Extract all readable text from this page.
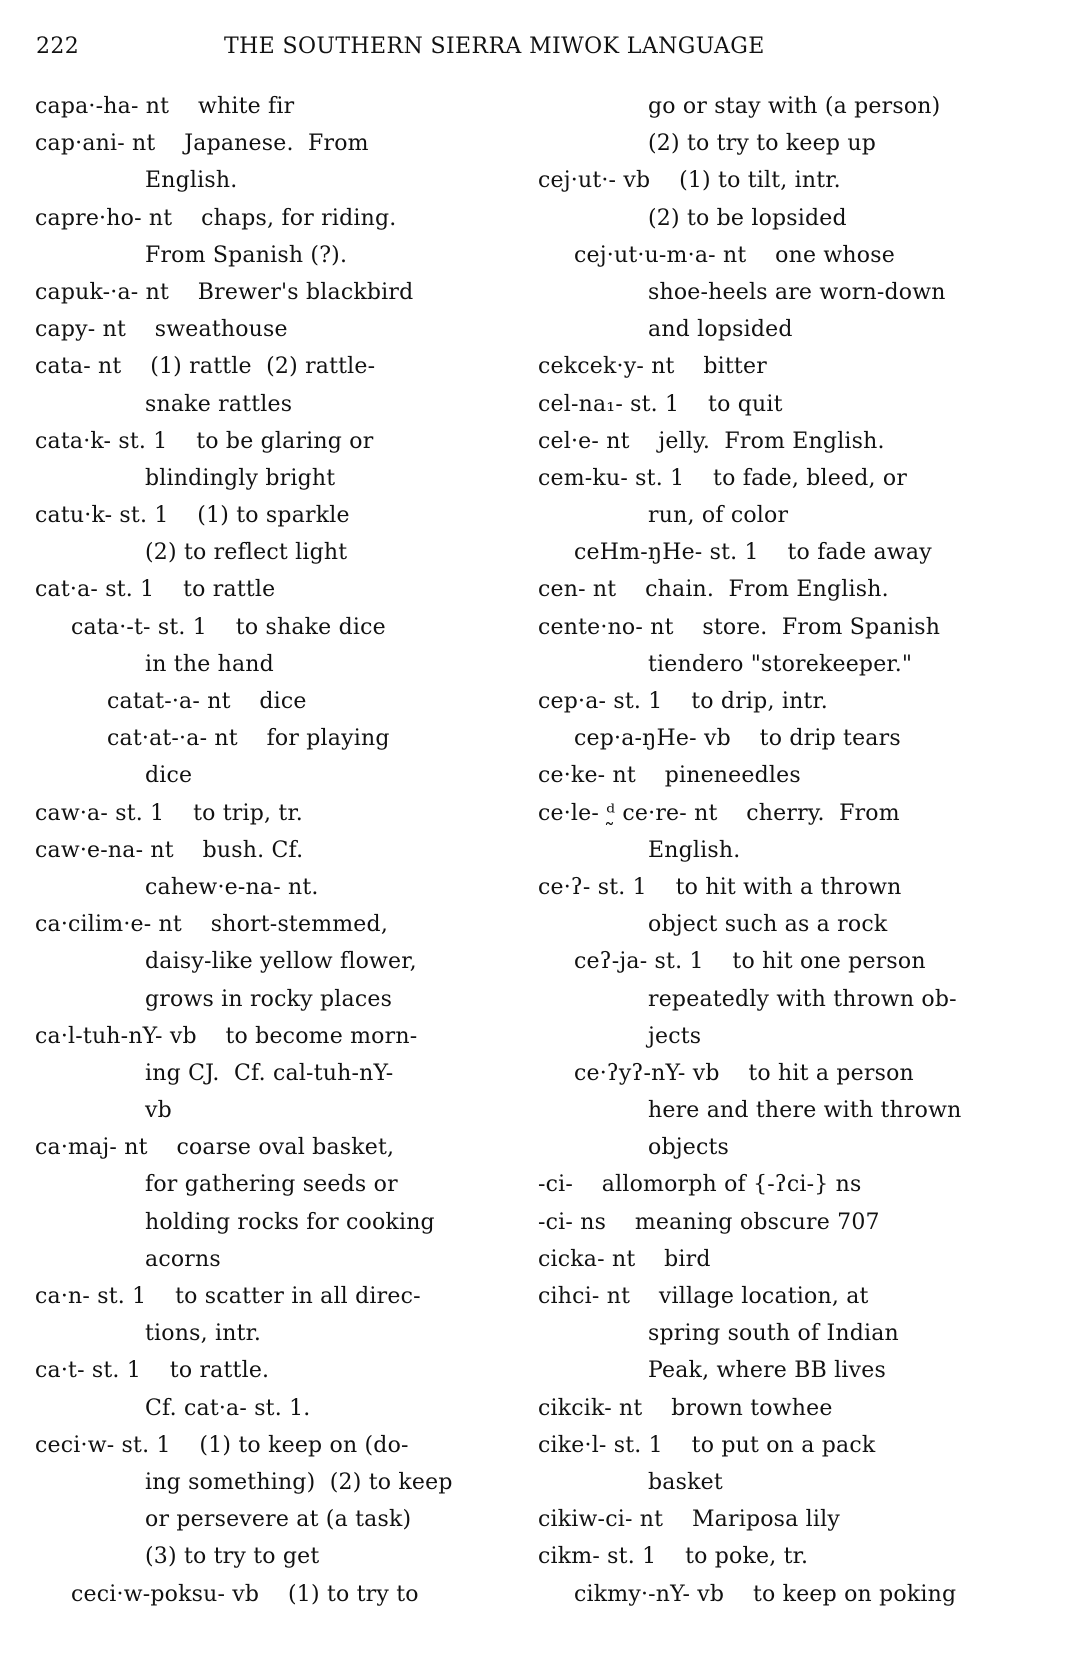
222	THE SOUTHERN SIERRA MIWOK LANGUAGE
capa·-ha- nt    white fir
cap·ani- nt    Japanese.  From
English.
capre·ho- nt    chaps, for riding.
From Spanish (?).
capuk-·a- nt    Brewer's blackbird
capy- nt    sweathouse
cata- nt    (1) rattle  (2) rattle-
snake rattles
cata·k- st. 1    to be glaring or
blindingly bright
catu·k- st. 1    (1) to sparkle
(2) to reflect light
cat·a- st. 1    to rattle
cata·-t- st. 1    to shake dice
in the hand
catat-·a- nt    dice
cat·at-·a- nt    for playing
dice
caw·a- st. 1    to trip, tr.
caw·e-na- nt    bush. Cf.
cahew·e-na- nt.
ca·cilim·e- nt    short-stemmed,
daisy-like yellow flower,
grows in rocky places
ca·l-tuh-nY- vb    to become morn-
ing CJ.  Cf. cal-tuh-nY-
vb
ca·maj- nt    coarse oval basket,
for gathering seeds or
holding rocks for cooking
acorns
ca·n- st. 1    to scatter in all direc-
tions, intr.
ca·t- st. 1    to rattle.
Cf. cat·a- st. 1.
ceci·w- st. 1    (1) to keep on (do-
ing something)  (2) to keep
or persevere at (a task)
(3) to try to get
ceci·w-poksu- vb    (1) to try to
go or stay with (a person)
(2) to try to keep up
cej·ut·- vb    (1) to tilt, intr.
(2) to be lopsided
cej·ut·u-m·a- nt    one whose
shoe-heels are worn-down
and lopsided
cekcek·y- nt    bitter
cel-na₁- st. 1    to quit
cel·e- nt    jelly.  From English.
cem-ku- st. 1    to fade, bleed, or
run, of color
ceHm-ŋHe- st. 1    to fade away
cen- nt    chain.  From English.
cente·no- nt    store.  From Spanish
tiendero "storekeeper."
cep·a- st. 1    to drip, intr.
cep·a-ŋHe- vb    to drip tears
ce·ke- nt    pineneedles
ce·le- ᵈ̰ ce·re- nt    cherry.  From
English.
ce·ʔ- st. 1    to hit with a thrown
object such as a rock
ceʔ-ja- st. 1    to hit one person
repeatedly with thrown ob-
jects
ce·ʔyʔ-nY- vb    to hit a person
here and there with thrown
objects
-ci-    allomorph of {-ʔci-} ns
-ci- ns    meaning obscure 707
cicka- nt    bird
cihci- nt    village location, at
spring south of Indian
Peak, where BB lives
cikcik- nt    brown towhee
cike·l- st. 1    to put on a pack
basket
cikiw-ci- nt    Mariposa lily
cikm- st. 1    to poke, tr.
cikmy·-nY- vb    to keep on poking
